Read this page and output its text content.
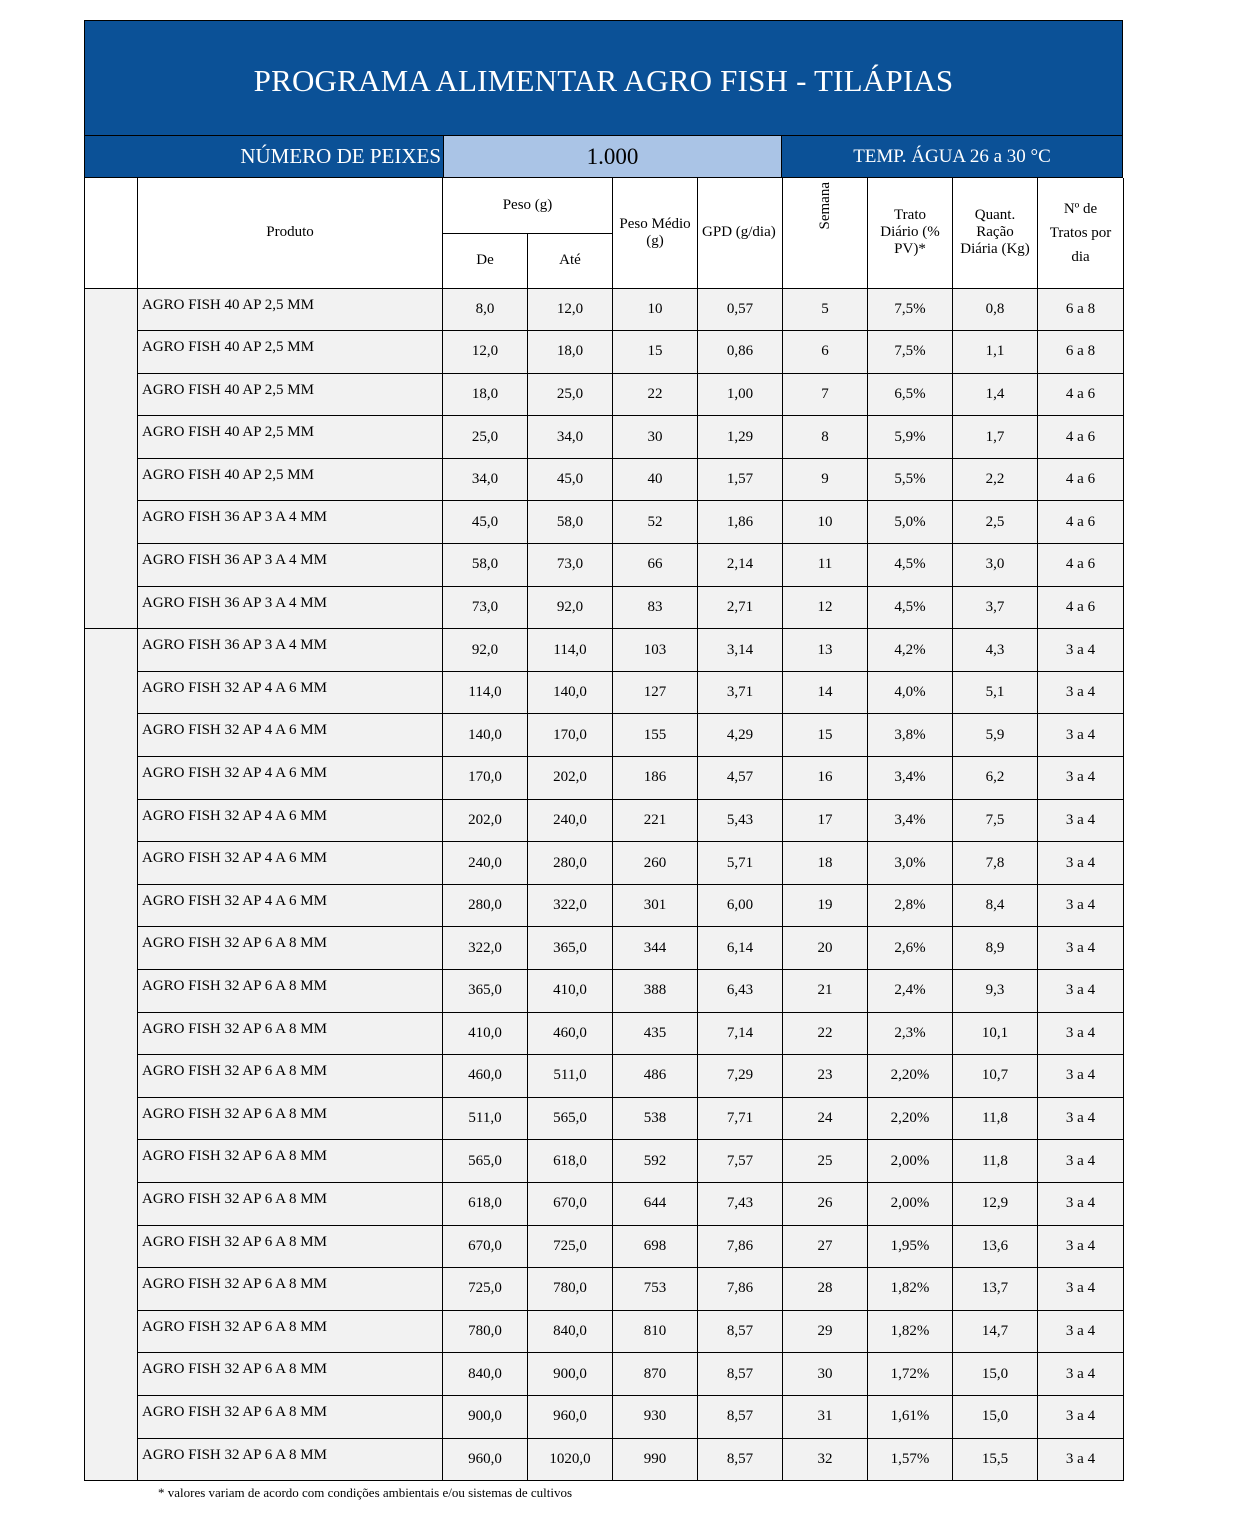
PROGRAMA ALIMENTAR AGRO FISH - TILÁPIAS
NÚMERO DE PEIXES	1.000	TEMP. ÁGUA 26 a 30 °C
	Produto	Peso (g)		Peso Médio (g)	GPD (g/dia)	Semana	Trato Diário (% PV)*	Quant. Ração Diária (Kg)	Nº de Tratos por dia
		De	Até						
	AGRO FISH 40 AP 2,5 MM	8,0	12,0	10	0,57	5	7,5%	0,8	6 a 8
	AGRO FISH 40 AP 2,5 MM	12,0	18,0	15	0,86	6	7,5%	1,1	6 a 8
	AGRO FISH 40 AP 2,5 MM	18,0	25,0	22	1,00	7	6,5%	1,4	4 a 6
	AGRO FISH 40 AP 2,5 MM	25,0	34,0	30	1,29	8	5,9%	1,7	4 a 6
	AGRO FISH 40 AP 2,5 MM	34,0	45,0	40	1,57	9	5,5%	2,2	4 a 6
	AGRO FISH 36 AP 3 A 4 MM	45,0	58,0	52	1,86	10	5,0%	2,5	4 a 6
	AGRO FISH 36 AP 3 A 4 MM	58,0	73,0	66	2,14	11	4,5%	3,0	4 a 6
	AGRO FISH 36 AP 3 A 4 MM	73,0	92,0	83	2,71	12	4,5%	3,7	4 a 6
	AGRO FISH 36 AP 3 A 4 MM	92,0	114,0	103	3,14	13	4,2%	4,3	3 a 4
	AGRO FISH 32 AP 4 A 6 MM	114,0	140,0	127	3,71	14	4,0%	5,1	3 a 4
	AGRO FISH 32 AP 4 A 6 MM	140,0	170,0	155	4,29	15	3,8%	5,9	3 a 4
	AGRO FISH 32 AP 4 A 6 MM	170,0	202,0	186	4,57	16	3,4%	6,2	3 a 4
	AGRO FISH 32 AP 4 A 6 MM	202,0	240,0	221	5,43	17	3,4%	7,5	3 a 4
	AGRO FISH 32 AP 4 A 6 MM	240,0	280,0	260	5,71	18	3,0%	7,8	3 a 4
	AGRO FISH 32 AP 4 A 6 MM	280,0	322,0	301	6,00	19	2,8%	8,4	3 a 4
	AGRO FISH 32 AP 6 A 8 MM	322,0	365,0	344	6,14	20	2,6%	8,9	3 a 4
	AGRO FISH 32 AP 6 A 8 MM	365,0	410,0	388	6,43	21	2,4%	9,3	3 a 4
	AGRO FISH 32 AP 6 A 8 MM	410,0	460,0	435	7,14	22	2,3%	10,1	3 a 4
	AGRO FISH 32 AP 6 A 8 MM	460,0	511,0	486	7,29	23	2,20%	10,7	3 a 4
	AGRO FISH 32 AP 6 A 8 MM	511,0	565,0	538	7,71	24	2,20%	11,8	3 a 4
	AGRO FISH 32 AP 6 A 8 MM	565,0	618,0	592	7,57	25	2,00%	11,8	3 a 4
	AGRO FISH 32 AP 6 A 8 MM	618,0	670,0	644	7,43	26	2,00%	12,9	3 a 4
	AGRO FISH 32 AP 6 A 8 MM	670,0	725,0	698	7,86	27	1,95%	13,6	3 a 4
	AGRO FISH 32 AP 6 A 8 MM	725,0	780,0	753	7,86	28	1,82%	13,7	3 a 4
	AGRO FISH 32 AP 6 A 8 MM	780,0	840,0	810	8,57	29	1,82%	14,7	3 a 4
	AGRO FISH 32 AP 6 A 8 MM	840,0	900,0	870	8,57	30	1,72%	15,0	3 a 4
	AGRO FISH 32 AP 6 A 8 MM	900,0	960,0	930	8,57	31	1,61%	15,0	3 a 4
	AGRO FISH 32 AP 6 A 8 MM	960,0	1020,0	990	8,57	32	1,57%	15,5	3 a 4
* valores variam de acordo com condições ambientais e/ou sistemas de cultivos
